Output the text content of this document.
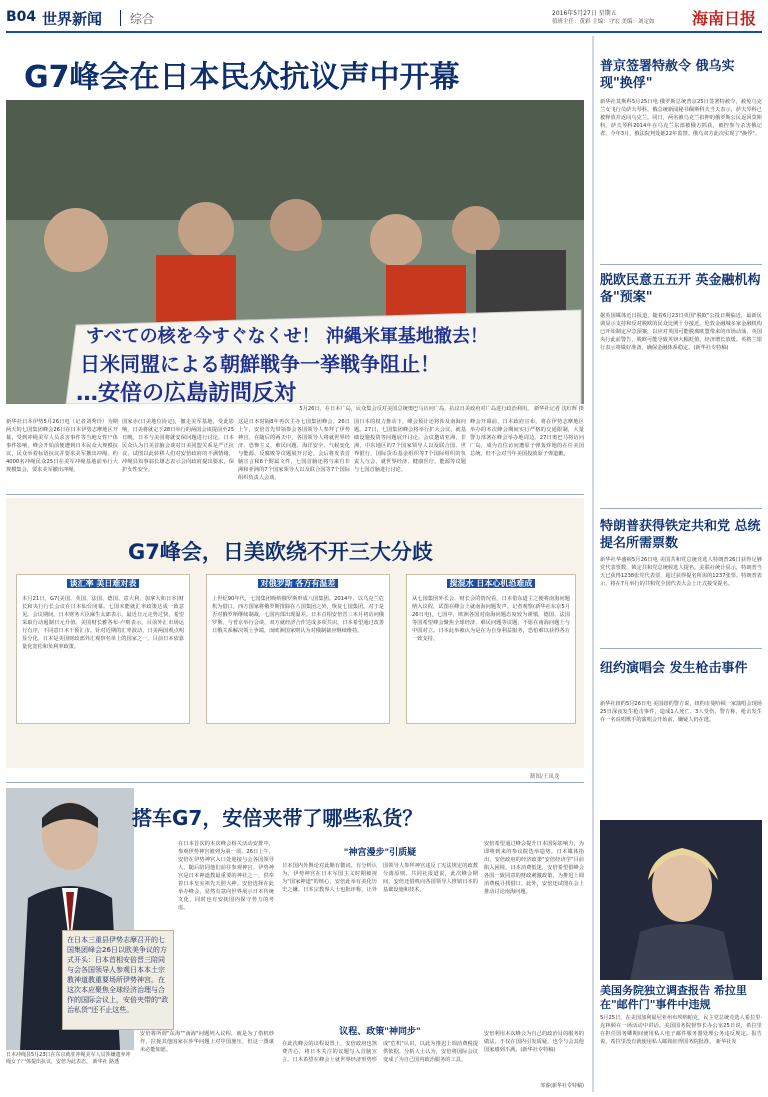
B04 世界新闻 综合	2016年5月27日 星期五
值班主任：黄彩 主编：守宏 美编：刘定如 海南日报
G7峰会在日本民众抗议声中开幕
すべての核を今すぐなくせ！ 沖縄米軍基地撤去！
日米同盟による朝鮮戦争一挙戦争阻止！
…安倍の広島訪問反対
5月26日，在日本广岛，民众集会反对美国总统奥巴马访问广岛，抗议日美政府对广岛进行政治利用。 新华社记者 沈红辉 摄
新华社日本伊势5月26日电（记者刘秀玲）为期两天的七国集团峰会26日在日本伊势志摩地区开幕，受到冲绳美军人员杀害事件等当地女性尸体事件影响，峰会开始前便遭到日本民众大规模抗议，民众举着标语抗议并要求美军撤出冲绳。约4000名冲绳民众25日在美军冲绳基地前举行大规模集会，要求美军撤出冲绳。
国家赤(日美地位协定)，撤走美军基地。受此影响，日美将就定于28日举行的两国会谈提前至25日晚，日本与美国将就安保问题进行讨论。日本民众认为日美首脑会谈对日美同盟关系是严正抗议，试图以此转移人们对安倍政府的不满情绪，冲绳县知事翁长雄志表示会向政府提出要求，保护女性安全。
这是日本时隔8年再次主办七国集团峰会。26日上午，安倍首先带领参会各国领导人参拜了伊势神宫。在随后的两天中，各国领导人将就世界经济、恐怖主义、难民问题、海洋安全、气候变化与能源、反腐败等议题展开讨论。会后将发表首脑宣言和6个附属文件，七国首脑还将与来自非洲和亚洲的7个国家领导人以及联合国等7个国际组织负责人会谈。
国日本的权力推动下，峰会预计还将涉及南海问题。27日，七国集团峰会将举行扩大会议，就基础设施投资等问题展开讨论。会议邀请亚洲、非洲、中东地区的7个国家领导人以及联合国、世界银行、国际货币基金组织等7个国际组织的负责人与会，就世界经济、健康医疗、能源等议题与七国首脑进行讨论。
峰会开幕前，日本政府宣布，将在伊势志摩地区举办的本次峰会期间实行严格的交通限制，大量警力部署在峰会举办地周边。27日奥巴马将访问广岛，成为首位访问遭原子弹轰炸地的在任美国总统，但不会对当年美国投放原子弹道歉。
G7峰会，日美欧绕不开三大分歧
谈汇率 美日难对表
本月21日，G7(美国、英国、法国、德国、意大利、加拿大和日本)财长和央行行长会议在日本仙台闭幕。七国未能就汇率政策达成一致意见。会议期间，日本财务大臣麻生太郎表示，最近日元走势过快，希望采取行动遏制日元升值。美国财长雅各布·卢则表示，目前外汇市场运行有序，不同意日本干预汇市。针对近期的汇率波动，日美两国观点明显分化。日本是美国财政部外汇观察名单上的国家之一。目前日本依靠量化宽松和负利率政策。
对俄罗斯 各方有温差
上世纪90年代，七国集团吸纳俄罗斯形成八国集团。2014年，以乌克兰危机为借口，西方国家将俄罗斯排除在八国集团之外，恢复七国集团。对于是否对俄罗斯继续制裁，七国内部出现温差。日本首相安倍晋三本月初访问俄罗斯，与普京举行会谈，双方就经济合作达成多项共识，日本希望通过改善日俄关系解决领土争端。而欧洲国家则认为对俄制裁应继续维持。
搅混水 日本心机恐难成
从七国集团外长会、财长会的情况看，日本借东道主之便将南海问题纳入议程，试图在峰会上就南海问题发声。记者观察(新华社东京5月26日电)。七国中，欧洲各国对南海问题态度较为谨慎，德国、法国等国希望峰会聚焦全球经济、难民问题等议题，不愿在南海问题上与中国对立。日本此举被认为是在为自身利益服务，恐怕难以获得各方一致支持。
制图/王凤龙
日本冲绳县5月23日在东京就驻冲绳美军人员涉嫌遗弃冲绳女子尸体提出抗议，安倍为此表态。 新华社 路透
搭车G7，安倍夹带了哪些私货？
在日本三重县伊势志摩召开的七国集团峰会26日以欧美争议的方式开头：日本首相安倍晋三陪同与会各国领导人参观日本本土宗教神道教重要场所伊势神宫。在这次本应聚焦全球经济治理与合作的国际会议上，安倍夹带的"政治私货"还不止这些。
在日本首次的本次峰会相关活动安排中，参观伊势神宫被列为第一项。26日上午，安倍在伊势神宫入口处迎接与会各国领导人，随后陪同他们前往参观神宫。伊势神宫是日本神道教最重要的神社之一，供奉着日本皇室祖先天照大神。安倍选择在此举办峰会，显然有意向世界展示日本传统文化，同时也有安抚国内保守势力的考虑。
"神宫漫步"引质疑
日本国内外舆论对此颇有微词。有分析认为，伊势神宫在日本军国主义时期被视为"国家神道"的核心，安倍此举有美化历史之嫌。日本宗教界人士也批评称，让外国领导人参拜神宫违反了宪法规定的政教分离原则。共同社报道说，此次峰会期间，安倍还借机向各国领导人推销日本的基础设施和技术。
安倍希望通过峰会提升日本国际影响力，为即将到来的参议院选举造势。日本媒体指出，安倍政府的经济政策"安倍经济学"目前陷入困境，日本消费低迷，安倍希望借峰会各国一致同意的财政刺激政策，为推迟上调消费税寻找借口。此外，安倍还试图在会上推动讨论南海问题。
安倍将所谓"东海""南海"问题列入议程，就是为了借机炒作，拉拢其他国家在涉华问题上对中国施压，但这一图谋未必能如愿。
议程、政策"神同步"
在此次峰会的议程设置上，安倍政府也煞费苦心，将日本关注的议题写入首脑宣言。日本希望在峰会上就世界经济形势形成"危机"认识，以此为推迟上调消费税提供依据。分析人士认为，安倍将国际会议变成了为自己国内政治服务的工具。
安倍利用本次峰会为自己的政治目的服务的做法，不仅在国内引发质疑，也令与会其他国家感到不满。(新华社专特稿)
邹睿(新华社专特稿)
普京签署特赦令 俄乌实现"换俘"
新华社莫斯科5月25日电 俄罗斯总统普京25日签署特赦令，赦免乌克兰女飞行员萨夫琴科。俄总统新闻秘书佩斯科夫当天表示，萨夫琴科已被释放并返回乌克兰。同日，两名被乌克兰扣押的俄罗斯公民返回莫斯科。萨夫琴科2014年在乌克兰东部被俄方抓获，被控参与杀害俄记者。今年3月，俄法院判处她22年监禁。俄乌双方此次实现了"换俘"。
脱欧民意五五开 英金融机构备"预案"
据英国媒体近日报道，随着6月23日英国"脱欧"公投日期临近，最新民调显示支持和反对脱欧的民众比例十分接近。伦敦金融城多家金融机构已开始制定应急预案，以应对英国可能脱离欧盟带来的市场动荡。英国央行此前警告，脱欧可能导致英镑大幅贬值、经济增长放缓。英格兰银行表示将做好准备，确保金融体系稳定。(新华社专特稿)
特朗普获得铁定共和党 总统提名所需票数
新华社华盛顿5月26日电 美国共和党总统竞选人特朗普26日获得足够党代表票数，锁定共和党总统候选人提名。美联社统计显示，特朗普当天已获得1238张党代表票，超过获得提名所需的1237张票。特朗普表示，将在7月举行的共和党全国代表大会上正式接受提名。
纽约演唱会 发生枪击事件
新华社纽约5月26日电 美国纽约警方说，纽约市曼哈顿一家演唱会现场25日深夜发生枪击事件，造成1人死亡、3人受伤。警方称，枪击发生在一名说唱歌手的演唱会开始前，嫌疑人仍在逃。
美国务院独立调查报告 希拉里在"邮件门"事件中违规
5月25日，在美国加利福尼亚州布埃纳帕克，民主党总统竞选人希拉里·克林顿在一场活动中讲话。美国国务院督察长办公室25日说，希拉里在担任国务卿期间使用私人电子邮件服务器处理公务违反规定。报告说，希拉里没有就使用私人邮箱征得国务院批准。 新华社发
